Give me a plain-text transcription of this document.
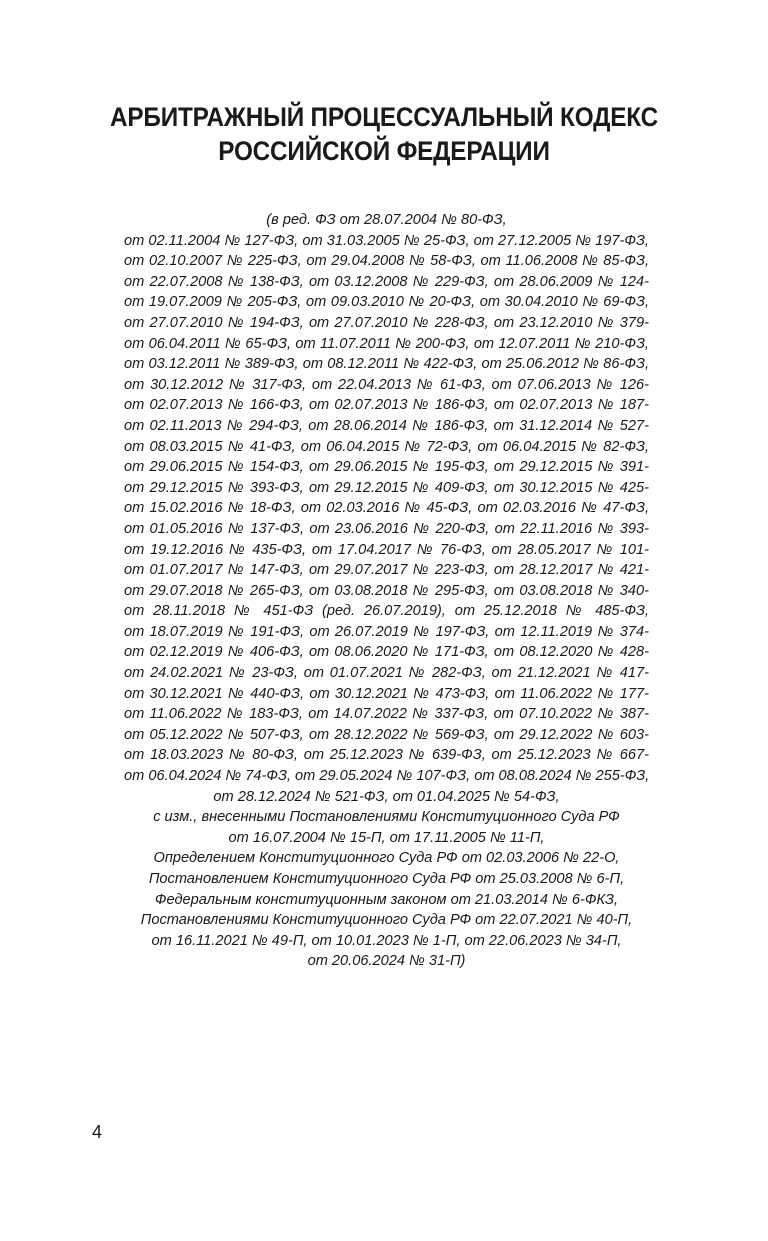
АРБИТРАЖНЫЙ ПРОЦЕССУАЛЬНЫЙ КОДЕКС
РОССИЙСКОЙ ФЕДЕРАЦИИ
(в ред. ФЗ от 28.07.2004 № 80-ФЗ,
от 02.11.2004 № 127-ФЗ, от 31.03.2005 № 25-ФЗ, от 27.12.2005 № 197-ФЗ,
от 02.10.2007 № 225-ФЗ, от 29.04.2008 № 58-ФЗ, от 11.06.2008 № 85-ФЗ,
от 22.07.2008 № 138-ФЗ, от 03.12.2008 № 229-ФЗ, от 28.06.2009 № 124-
от 19.07.2009 № 205-ФЗ, от 09.03.2010 № 20-ФЗ, от 30.04.2010 № 69-ФЗ,
от 27.07.2010 № 194-ФЗ, от 27.07.2010 № 228-ФЗ, от 23.12.2010 № 379-
от 06.04.2011 № 65-ФЗ, от 11.07.2011 № 200-ФЗ, от 12.07.2011 № 210-ФЗ,
от 03.12.2011 № 389-ФЗ, от 08.12.2011 № 422-ФЗ, от 25.06.2012 № 86-ФЗ,
от 30.12.2012 № 317-ФЗ, от 22.04.2013 № 61-ФЗ, от 07.06.2013 № 126-
от 02.07.2013 № 166-ФЗ, от 02.07.2013 № 186-ФЗ, от 02.07.2013 № 187-
от 02.11.2013 № 294-ФЗ, от 28.06.2014 № 186-ФЗ, от 31.12.2014 № 527-
от 08.03.2015 № 41-ФЗ, от 06.04.2015 № 72-ФЗ, от 06.04.2015 № 82-ФЗ,
от 29.06.2015 № 154-ФЗ, от 29.06.2015 № 195-ФЗ, от 29.12.2015 № 391-
от 29.12.2015 № 393-ФЗ, от 29.12.2015 № 409-ФЗ, от 30.12.2015 № 425-
от 15.02.2016 № 18-ФЗ, от 02.03.2016 № 45-ФЗ, от 02.03.2016 № 47-ФЗ,
от 01.05.2016 № 137-ФЗ, от 23.06.2016 № 220-ФЗ, от 22.11.2016 № 393-
от 19.12.2016 № 435-ФЗ, от 17.04.2017 № 76-ФЗ, от 28.05.2017 № 101-
от 01.07.2017 № 147-ФЗ, от 29.07.2017 № 223-ФЗ, от 28.12.2017 № 421-
от 29.07.2018 № 265-ФЗ, от 03.08.2018 № 295-ФЗ, от 03.08.2018 № 340-
от 28.11.2018 № 451-ФЗ (ред. 26.07.2019), от 25.12.2018 № 485-ФЗ,
от 18.07.2019 № 191-ФЗ, от 26.07.2019 № 197-ФЗ, от 12.11.2019 № 374-
от 02.12.2019 № 406-ФЗ, от 08.06.2020 № 171-ФЗ, от 08.12.2020 № 428-
от 24.02.2021 № 23-ФЗ, от 01.07.2021 № 282-ФЗ, от 21.12.2021 № 417-
от 30.12.2021 № 440-ФЗ, от 30.12.2021 № 473-ФЗ, от 11.06.2022 № 177-
от 11.06.2022 № 183-ФЗ, от 14.07.2022 № 337-ФЗ, от 07.10.2022 № 387-
от 05.12.2022 № 507-ФЗ, от 28.12.2022 № 569-ФЗ, от 29.12.2022 № 603-
от 18.03.2023 № 80-ФЗ, от 25.12.2023 № 639-ФЗ, от 25.12.2023 № 667-
от 06.04.2024 № 74-ФЗ, от 29.05.2024 № 107-ФЗ, от 08.08.2024 № 255-ФЗ,
от 28.12.2024 № 521-ФЗ, от 01.04.2025 № 54-ФЗ,
с изм., внесенными Постановлениями Конституционного Суда РФ
от 16.07.2004 № 15-П, от 17.11.2005 № 11-П,
Определением Конституционного Суда РФ от 02.03.2006 № 22-О,
Постановлением Конституционного Суда РФ от 25.03.2008 № 6-П,
Федеральным конституционным законом от 21.03.2014 № 6-ФКЗ,
Постановлениями Конституционного Суда РФ от 22.07.2021 № 40-П,
от 16.11.2021 № 49-П, от 10.01.2023 № 1-П, от 22.06.2023 № 34-П,
от 20.06.2024 № 31-П)
4
